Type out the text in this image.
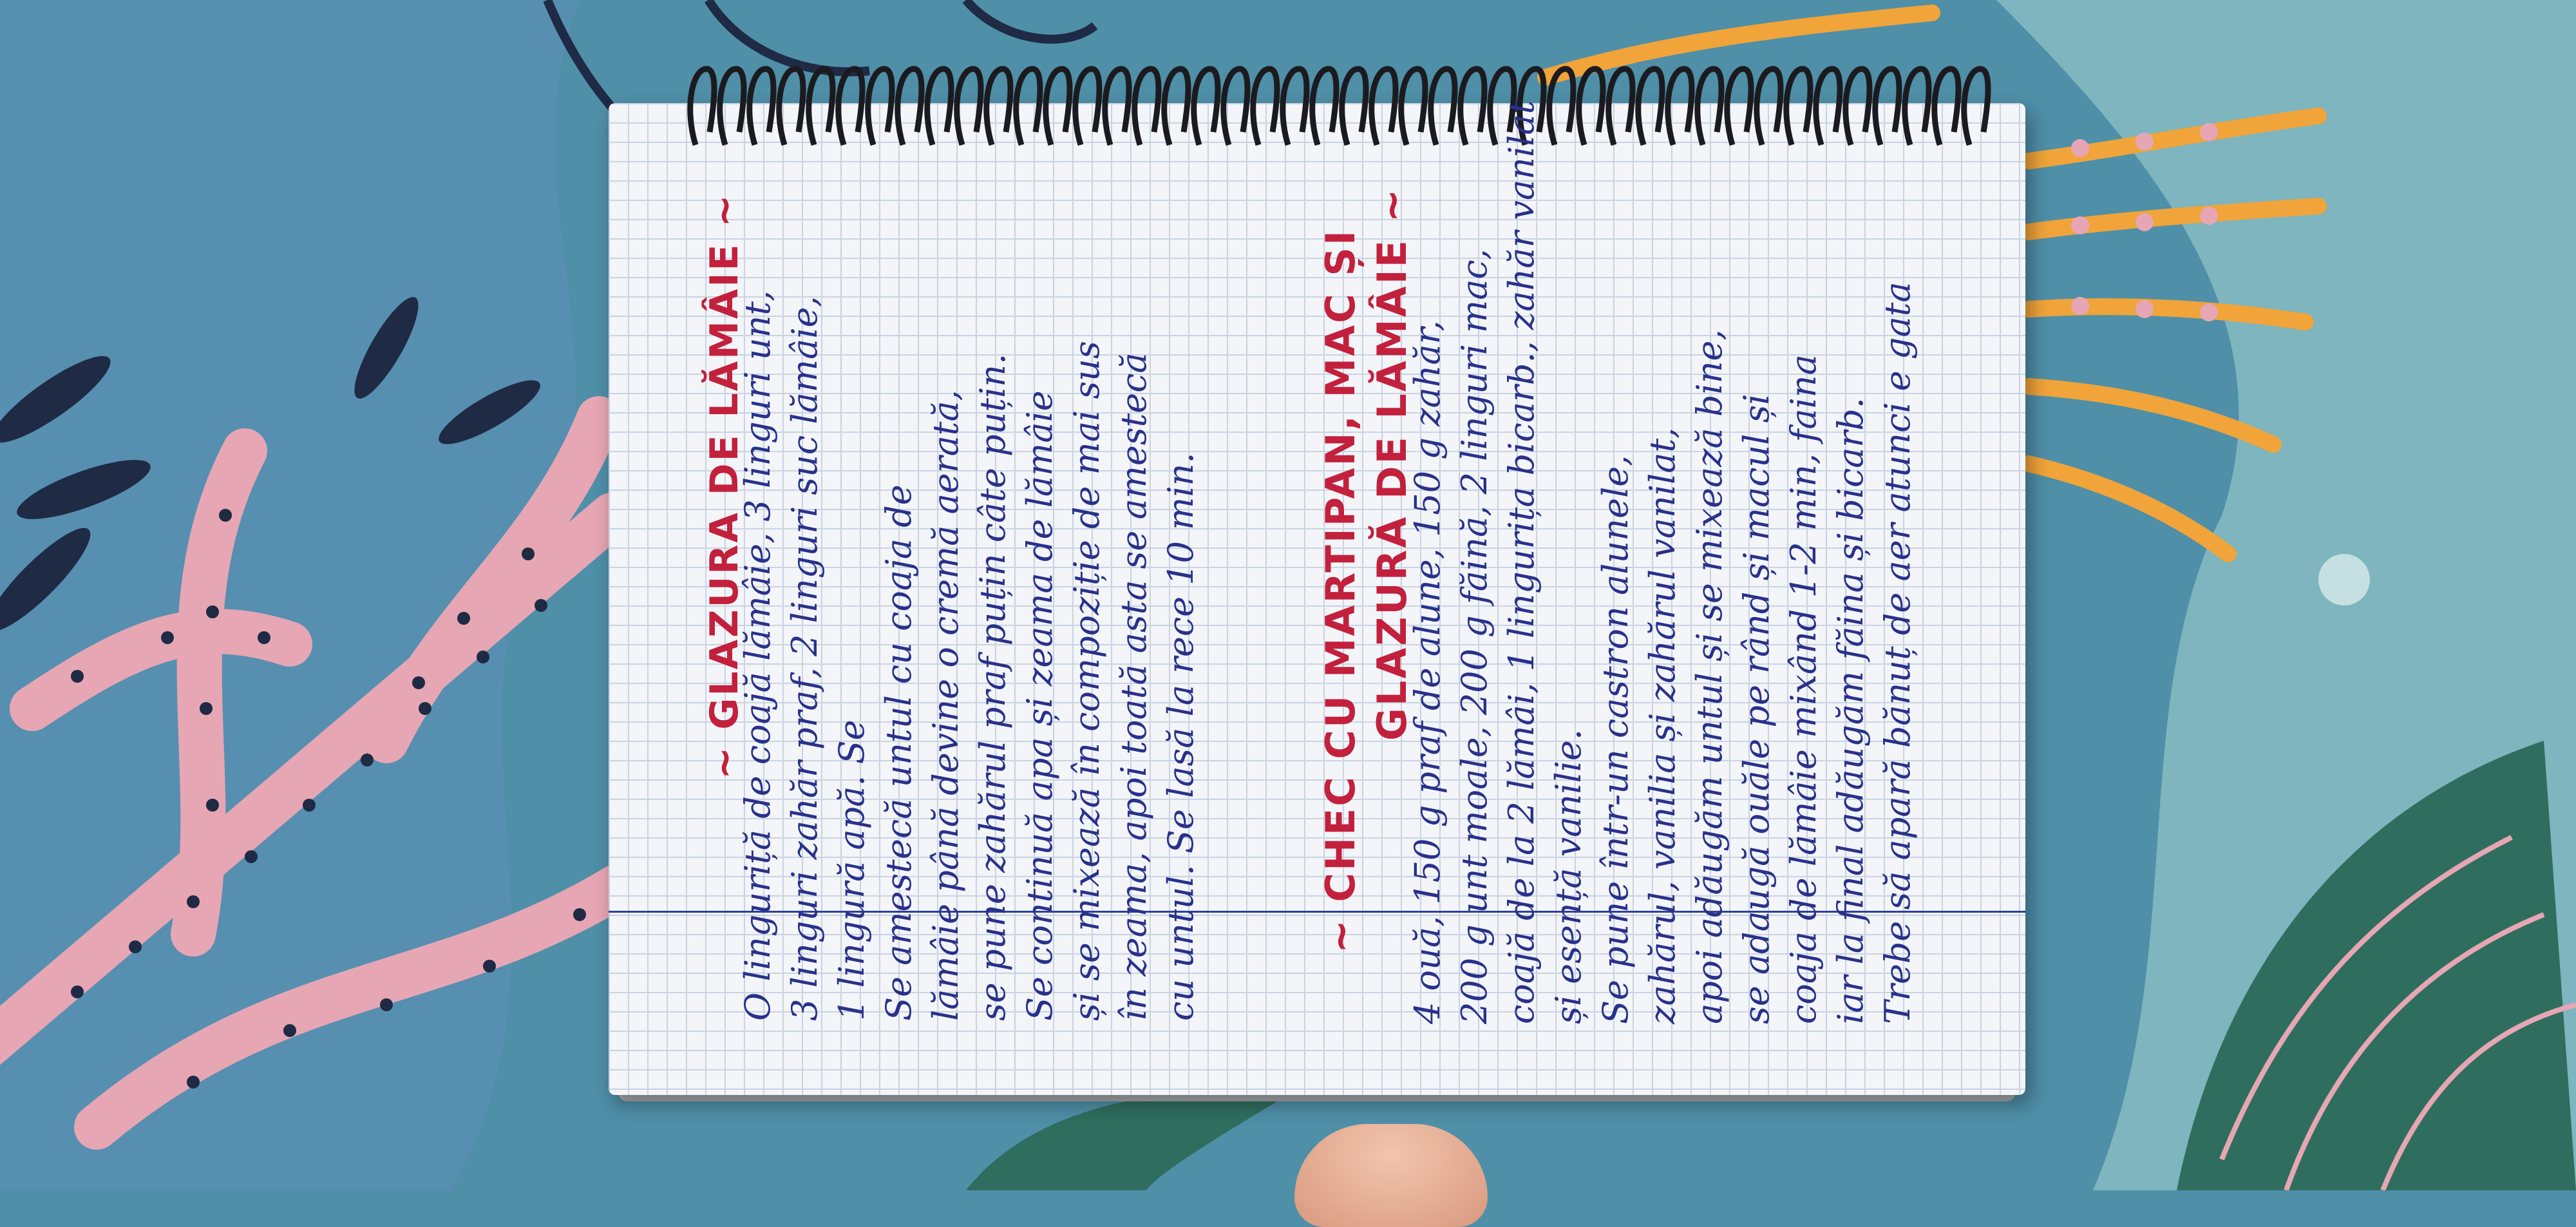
~ GLAZURA DE LĂMÂIE ~
O linguriță de coajă lămâie, 3 linguri unt, 3 linguri zahăr praf, 2 linguri suc lămâie, 1 lingură apă. Se Se amestecă untul cu coaja de lămâie până devine o cremă aerată, se pune zahărul praf puțin câte puțin. Se continuă apa și zeama de lămâie și se mixează în compoziție de mai sus în zeama, apoi toată asta se amestecă cu untul. Se lasă la rece 10 min.	~ CHEC CU MARTIPAN, MAC ȘI GLAZURĂ DE LĂMÂIE ~
4 ouă, 150 g praf de alune, 150 g zahăr, 200 g unt moale, 200 g făină, 2 linguri mac, coajă de la 2 lămâi, 1 lingurița bicarb., zahăr vanilat și esență vanilie. Se pune într-un castron alunele, zahărul, vanilia și zahărul vanilat, apoi adăugăm untul și se mixează bine, se adaugă ouăle pe rând și macul și coaja de lămâie mixând 1-2 min, faina iar la final adăugăm făina și bicarb. Trebe să apară bănuț de aer atunci e gata
